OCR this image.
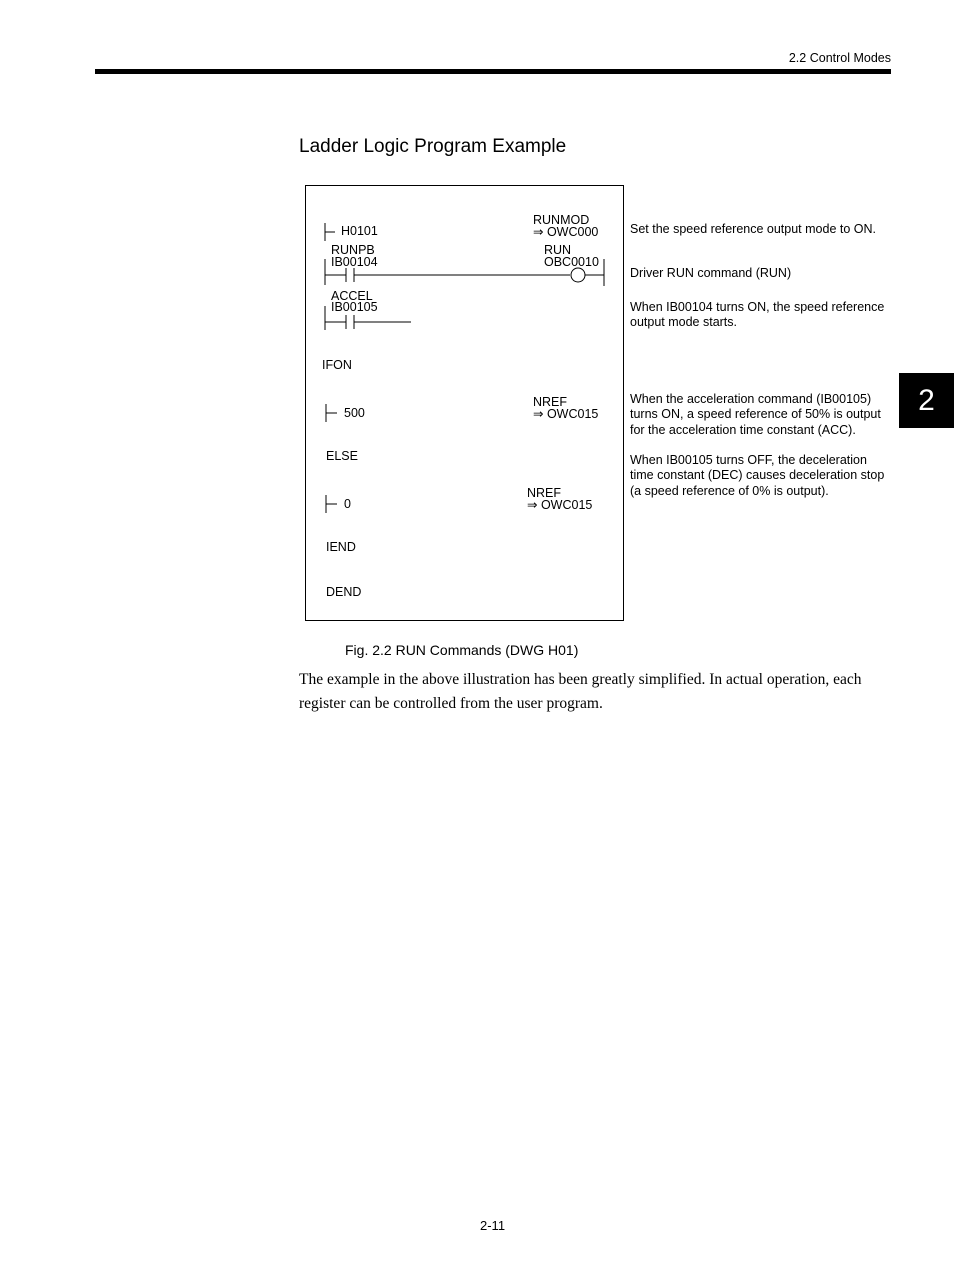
2.2 Control Modes
2
Ladder Logic Program Example
H0101
RUNMOD
⇒ OWC000
RUNPB
IB00104
RUN
OBC0010
ACCEL
IB00105
IFON
500
NREF
⇒ OWC015
ELSE
0
NREF
⇒ OWC015
IEND
DEND
Set the speed reference output mode to ON.
Driver RUN command (RUN)
When IB00104 turns ON, the speed reference output mode starts.
When the acceleration command (IB00105) turns ON, a speed reference of 50% is output for the acceleration time constant (ACC).
When IB00105 turns OFF, the deceleration time constant (DEC) causes deceleration stop (a speed reference of 0% is output).
Fig. 2.2 RUN Commands (DWG H01)
The example in the above illustration has been greatly simplified. In actual operation, each register can be controlled from the user program.
2-11
